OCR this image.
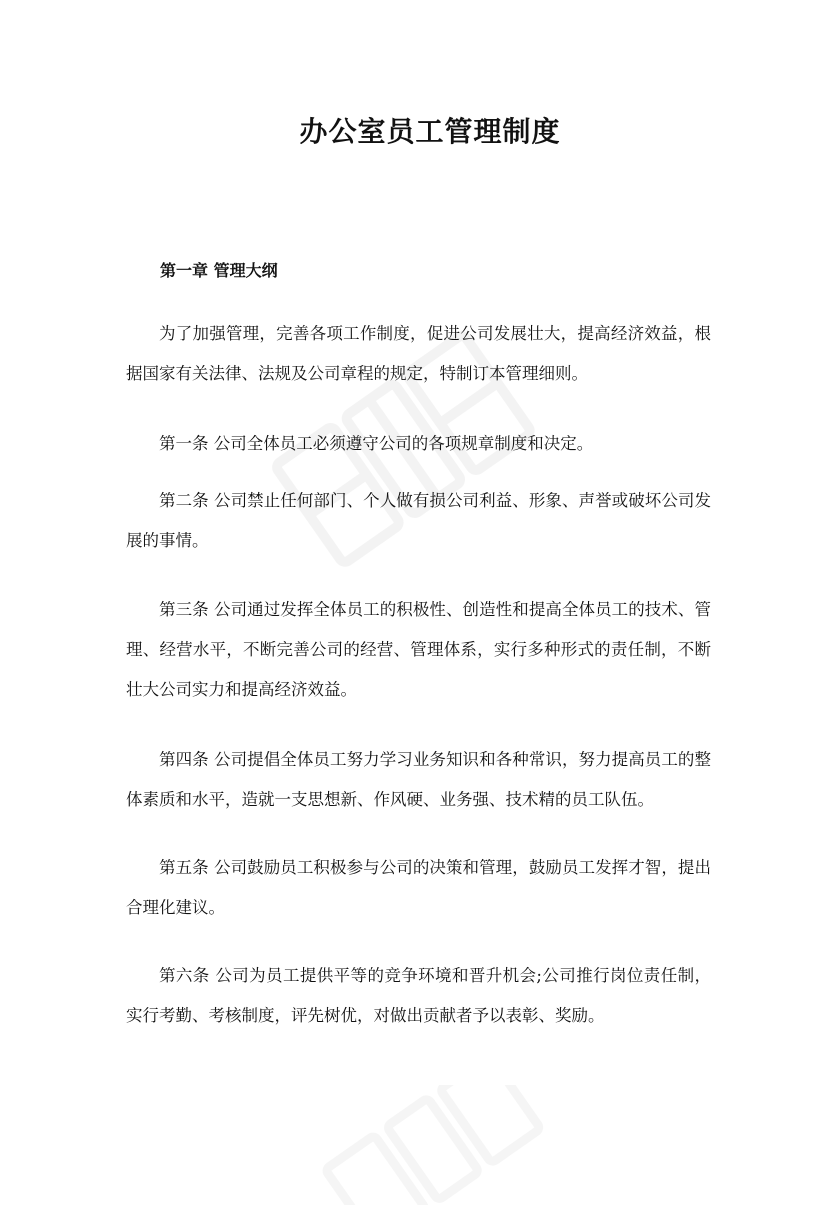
办公室员工管理制度

第一章 管理大纲

为了加强管理，完善各项工作制度，促进公司发展壮大，提高经济效益，根据国家有关法律、法规及公司章程的规定，特制订本管理细则。

第一条 公司全体员工必须遵守公司的各项规章制度和决定。

第二条 公司禁止任何部门、个人做有损公司利益、形象、声誉或破坏公司发展的事情。

第三条 公司通过发挥全体员工的积极性、创造性和提高全体员工的技术、管理、经营水平，不断完善公司的经营、管理体系，实行多种形式的责任制，不断壮大公司实力和提高经济效益。

第四条 公司提倡全体员工努力学习业务知识和各种常识，努力提高员工的整体素质和水平，造就一支思想新、作风硬、业务强、技术精的员工队伍。

第五条 公司鼓励员工积极参与公司的决策和管理，鼓励员工发挥才智，提出合理化建议。

第六条 公司为员工提供平等的竞争环境和晋升机会;公司推行岗位责任制，实行考勤、考核制度，评先树优，对做出贡献者予以表彰、奖励。
